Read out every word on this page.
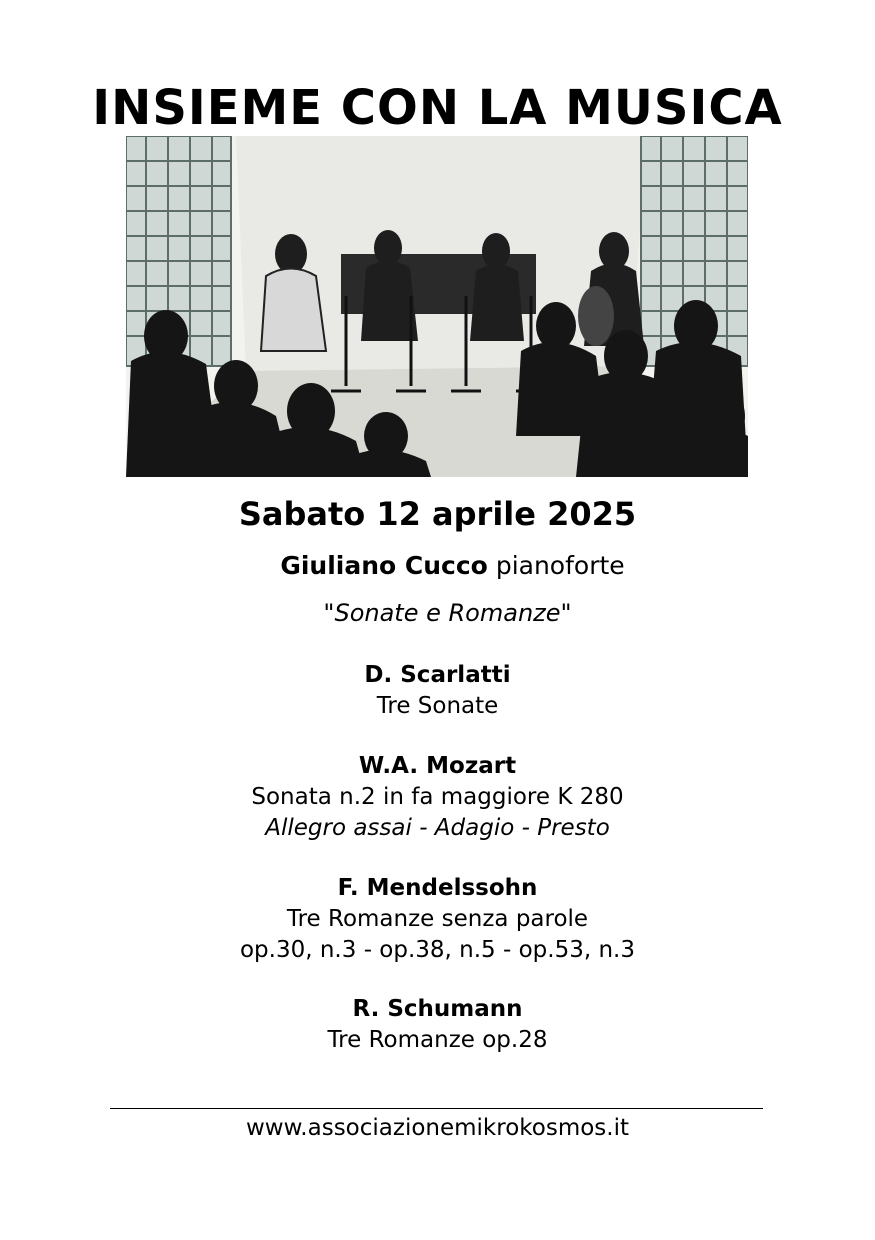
INSIEME CON LA MUSICA
Sabato 12 aprile 2025
Giuliano Cucco pianoforte
"Sonate e Romanze"
D. Scarlatti
Tre Sonate
W.A. Mozart
Sonata n.2 in fa maggiore K 280
Allegro assai - Adagio - Presto
F. Mendelssohn
Tre Romanze senza parole
op.30, n.3 - op.38, n.5 - op.53, n.3
R. Schumann
Tre Romanze op.28
www.associazionemikrokosmos.it
